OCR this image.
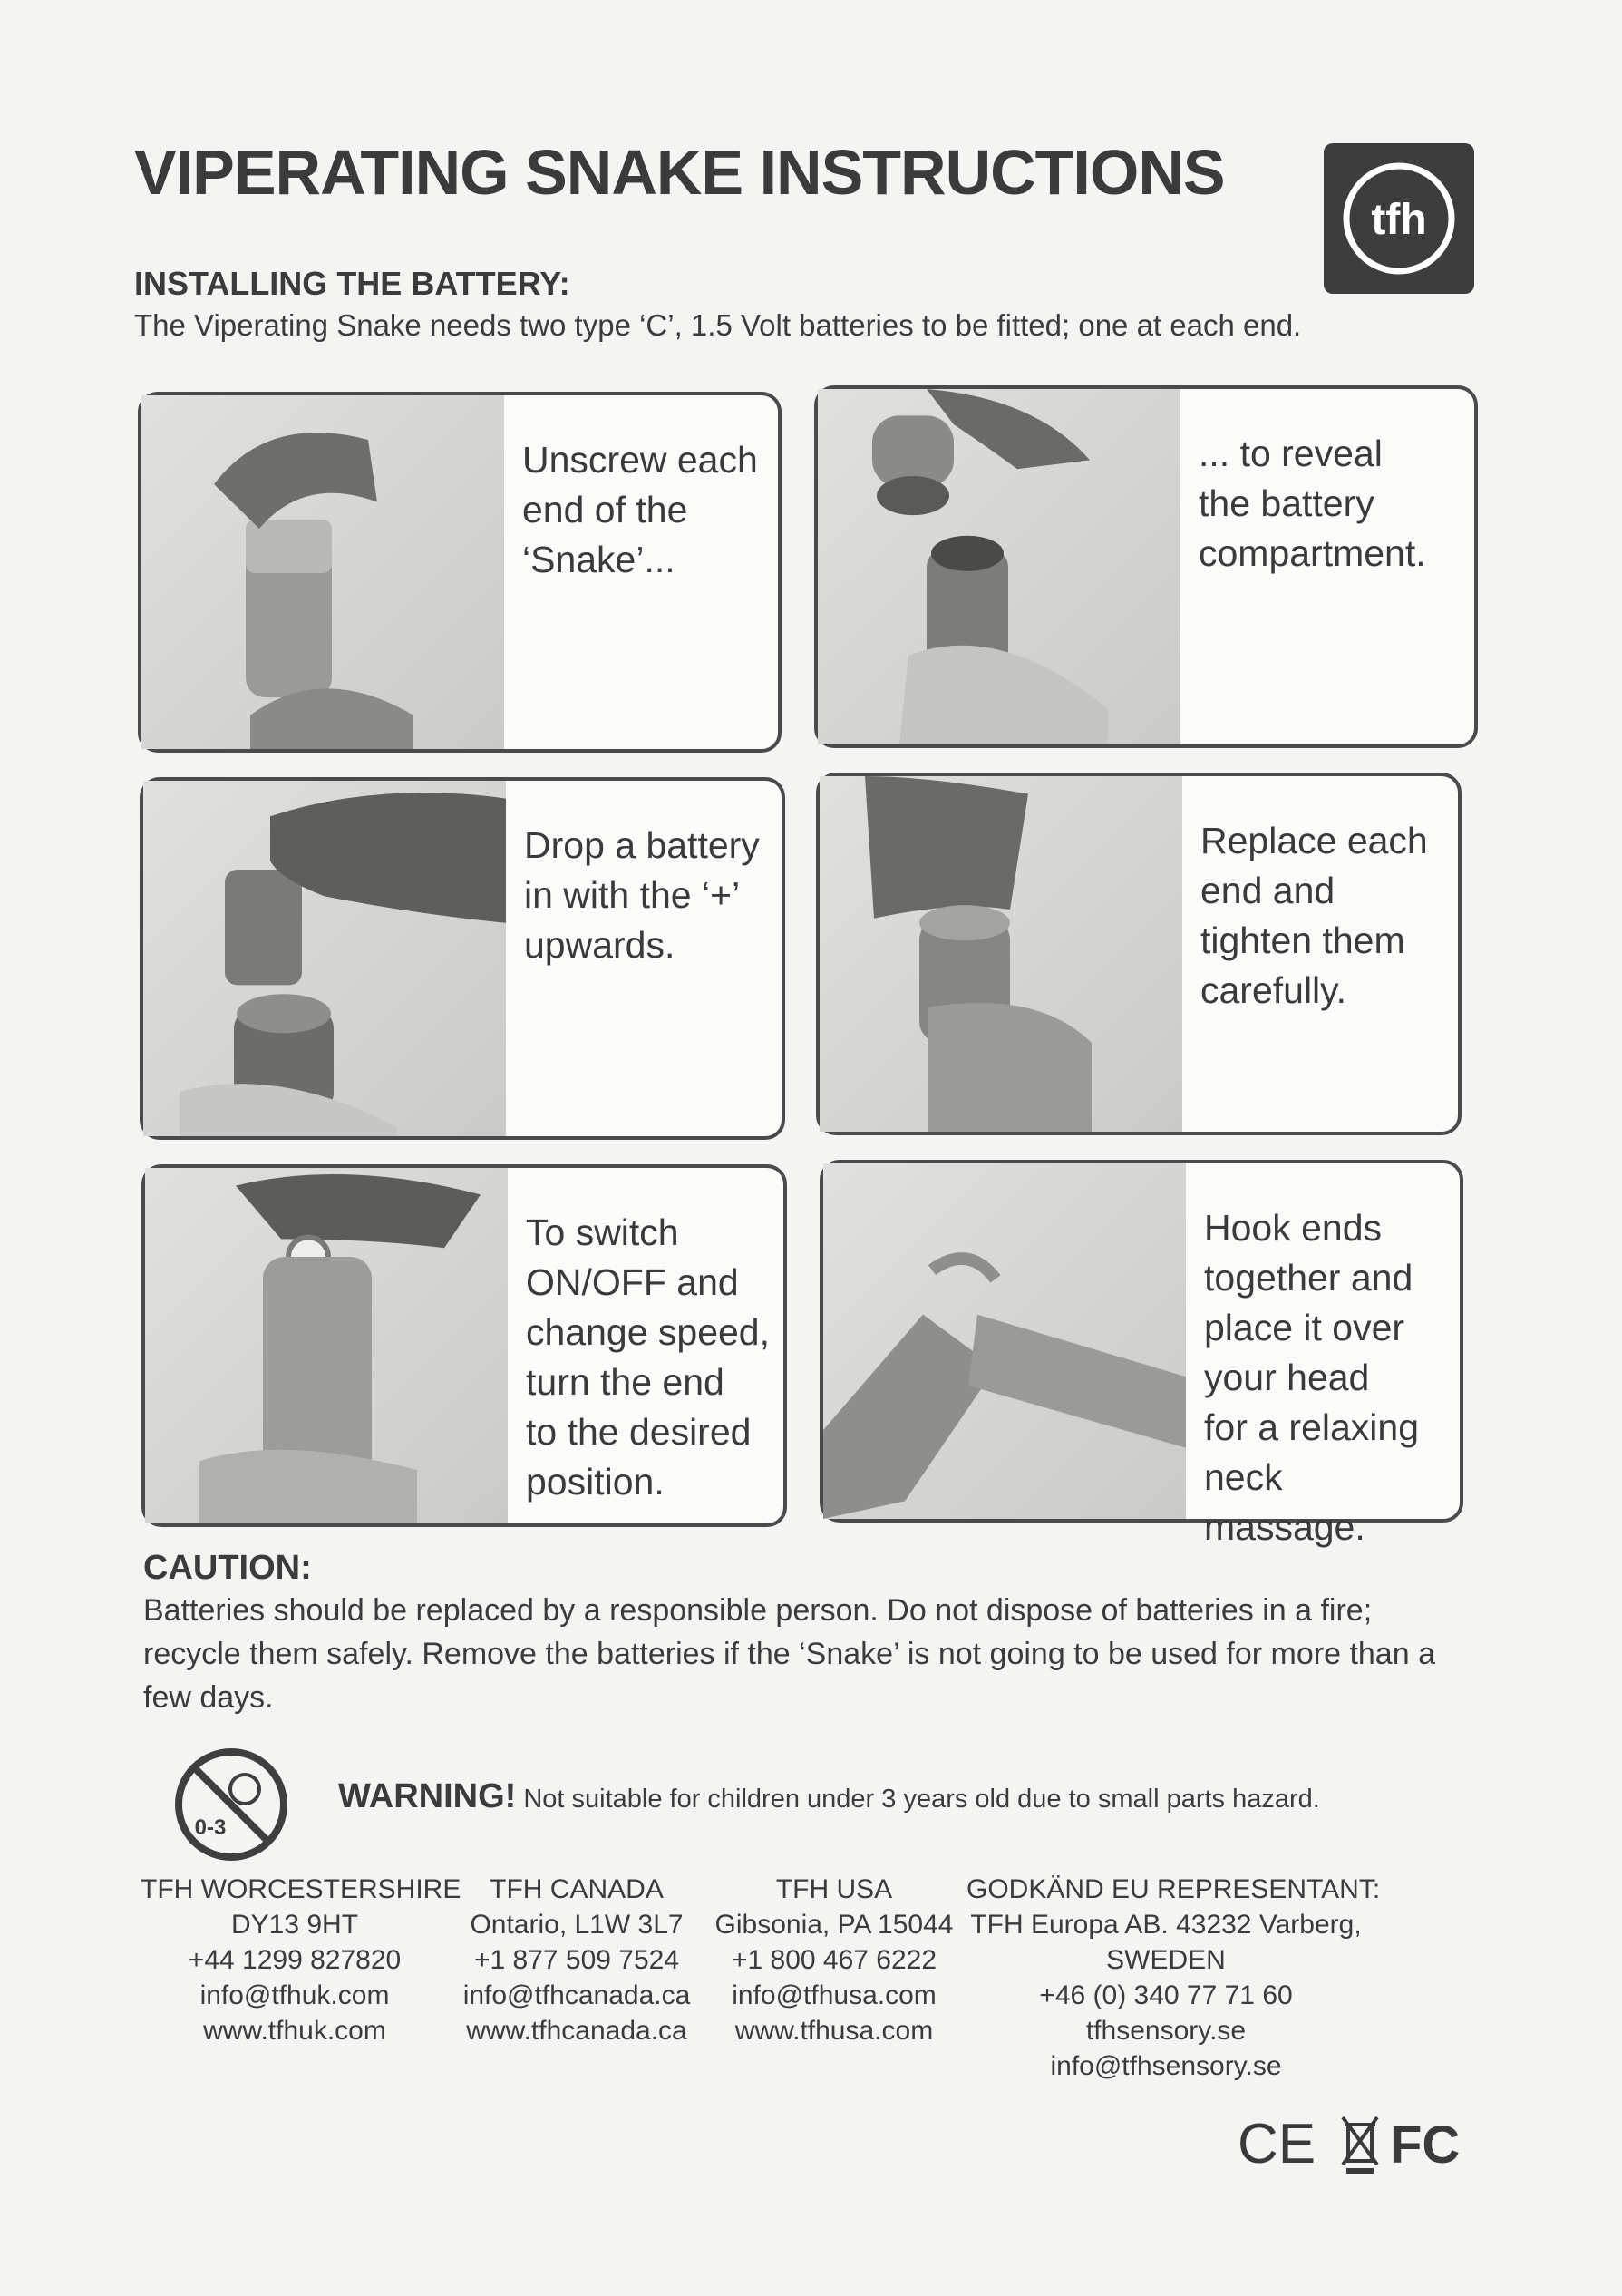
VIPERATING SNAKE INSTRUCTIONS
tfh
INSTALLING THE BATTERY:
The Viperating Snake needs two type ‘C’, 1.5 Volt batteries to be fitted; one at each end.
Unscrew each
end of the
‘Snake’...
... to reveal
the battery
compartment.
Drop a battery
in with the ‘+’
upwards.
Replace each
end and
tighten them
carefully.
To switch
ON/OFF and
change speed,
turn the end
to the desired
position.
Hook ends
together and
place it over
your head
for a relaxing
neck massage.
CAUTION:
Batteries should be replaced by a responsible person. Do not dispose of batteries in a fire; recycle them safely. Remove the batteries if the ‘Snake’ is not going to be used for more than a few days.
0-3
WARNING! Not suitable for children under 3 years old due to small parts hazard.
TFH WORCESTERSHIRE
DY13 9HT
+44 1299 827820
info@tfhuk.com
www.tfhuk.com
TFH CANADA
Ontario, L1W 3L7
+1 877 509 7524
info@tfhcanada.ca
www.tfhcanada.ca
TFH USA
Gibsonia, PA 15044
+1 800 467 6222
info@tfhusa.com
www.tfhusa.com
GODKÄND EU REPRESENTANT:
TFH Europa AB. 43232 Varberg,
SWEDEN
+46 (0) 340 77 71 60
tfhsensory.se
info@tfhsensory.se
CE FC
